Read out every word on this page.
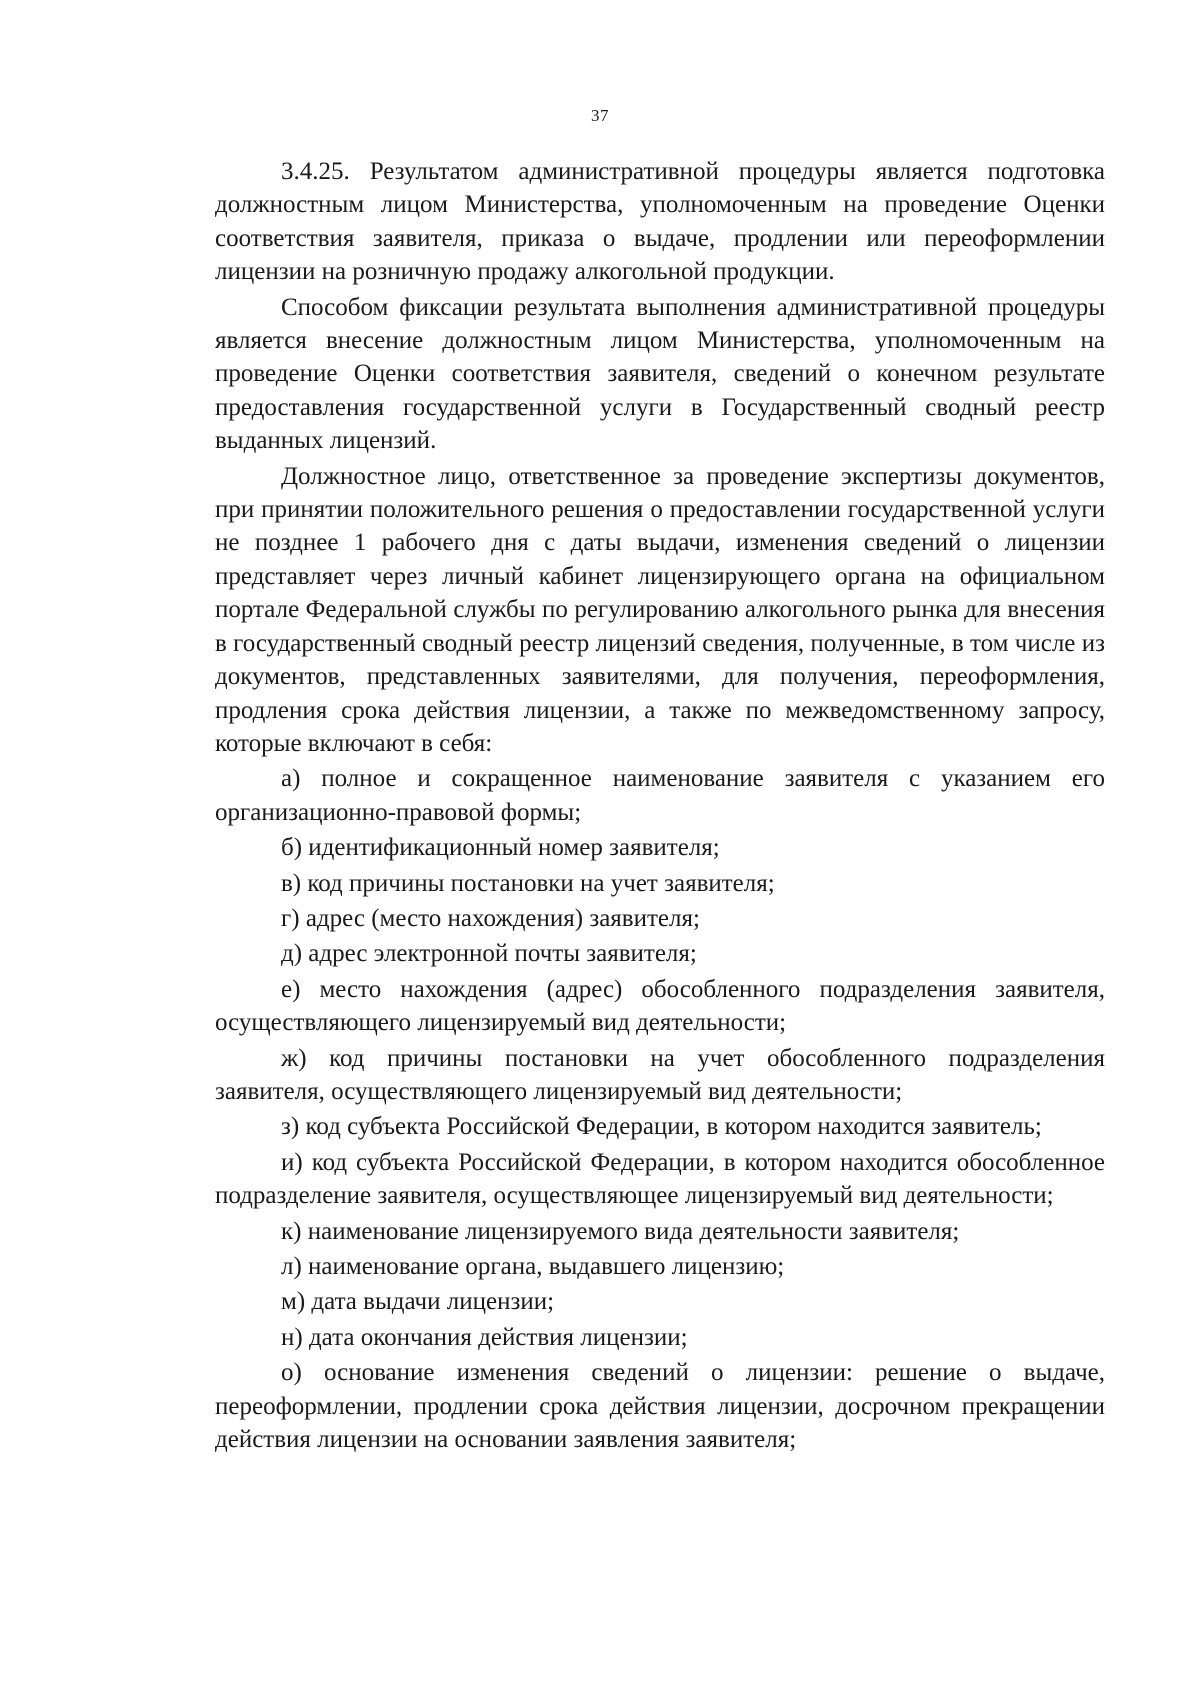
37

3.4.25. Результатом административной процедуры является подготовка должностным лицом Министерства, уполномоченным на проведение Оценки соответствия заявителя, приказа о выдаче, продлении или переоформлении лицензии на розничную продажу алкогольной продукции.

Способом фиксации результата выполнения административной процедуры является внесение должностным лицом Министерства, уполномоченным на проведение Оценки соответствия заявителя, сведений о конечном результате предоставления государственной услуги в Государственный сводный реестр выданных лицензий.

Должностное лицо, ответственное за проведение экспертизы документов, при принятии положительного решения о предоставлении государственной услуги не позднее 1 рабочего дня с даты выдачи, изменения сведений о лицензии представляет через личный кабинет лицензирующего органа на официальном портале Федеральной службы по регулированию алкогольного рынка для внесения в государственный сводный реестр лицензий сведения, полученные, в том числе из документов, представленных заявителями, для получения, переоформления, продления срока действия лицензии, а также по межведомственному запросу, которые включают в себя:

а) полное и сокращенное наименование заявителя с указанием его организационно-правовой формы;

б) идентификационный номер заявителя;

в) код причины постановки на учет заявителя;

г) адрес (место нахождения) заявителя;

д) адрес электронной почты заявителя;

е) место нахождения (адрес) обособленного подразделения заявителя, осуществляющего лицензируемый вид деятельности;

ж) код причины постановки на учет обособленного подразделения заявителя, осуществляющего лицензируемый вид деятельности;

з) код субъекта Российской Федерации, в котором находится заявитель;

и) код субъекта Российской Федерации, в котором находится обособленное подразделение заявителя, осуществляющее лицензируемый вид деятельности;

к) наименование лицензируемого вида деятельности заявителя;

л) наименование органа, выдавшего лицензию;

м) дата выдачи лицензии;

н) дата окончания действия лицензии;

о) основание изменения сведений о лицензии: решение о выдаче, переоформлении, продлении срока действия лицензии, досрочном прекращении действия лицензии на основании заявления заявителя;
